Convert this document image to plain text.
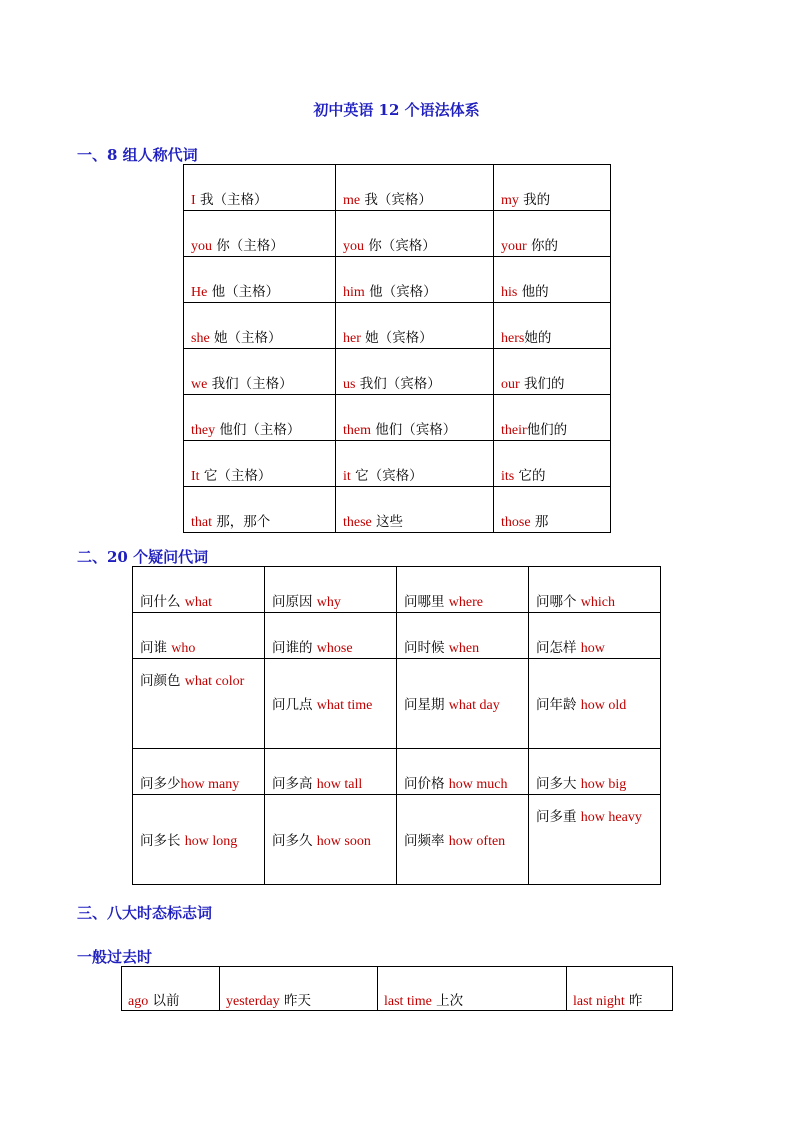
初中英语 12 个语法体系
一、8 组人称代词
I 我（主格）	me 我（宾格）	my 我的
you 你（主格）	you 你（宾格）	your 你的
He 他（主格）	him 他（宾格）	his 他的
she 她（主格）	her 她（宾格）	hers她的
we 我们（主格）	us 我们（宾格）	our 我们的
they 他们（主格）	them 他们（宾格）	their他们的
It 它（主格）	it 它（宾格）	its 它的
that 那，那个	these 这些	those 那
二、20 个疑问代词
问什么 what	问原因 why	问哪里 where	问哪个 which
问谁 who	问谁的 whose	问时候 when	问怎样 how
问颜色 what color	问几点 what time	问星期 what day	问年龄 how old
问多少how many	问多高 how tall	问价格 how much	问多大 how big
问多长 how long	问多久 how soon	问频率 how often	问多重 how heavy
三、八大时态标志词
一般过去时
ago 以前	yesterday 昨天	last time 上次	last night 昨
